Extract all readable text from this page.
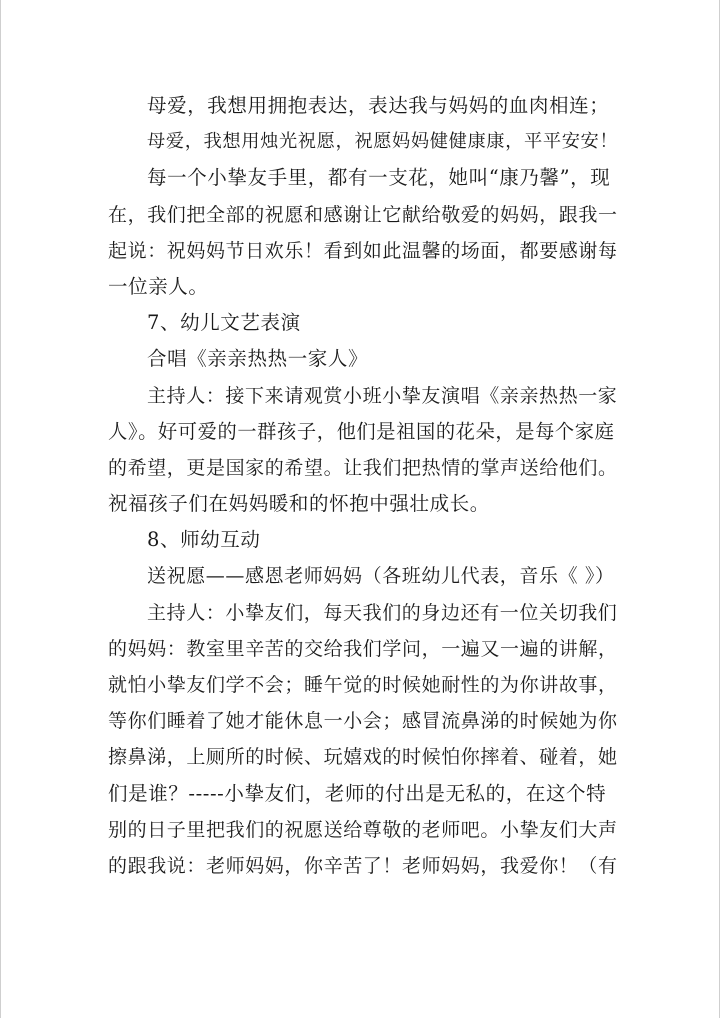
母爱，我想用拥抱表达，表达我与妈妈的血肉相连；
母爱，我想用烛光祝愿，祝愿妈妈健健康康，平平安安！
每一个小挚友手里，都有一支花，她叫“康乃馨”，现
在，我们把全部的祝愿和感谢让它献给敬爱的妈妈，跟我一
起说：祝妈妈节日欢乐！看到如此温馨的场面，都要感谢每
一位亲人。
7、幼儿文艺表演
合唱《亲亲热热一家人》
主持人：接下来请观赏小班小挚友演唱《亲亲热热一家
人》。好可爱的一群孩子，他们是祖国的花朵，是每个家庭
的希望，更是国家的希望。让我们把热情的掌声送给他们。
祝福孩子们在妈妈暖和的怀抱中强壮成长。
8、师幼互动
送祝愿——感恩老师妈妈（各班幼儿代表，音乐《 》）
主持人：小挚友们，每天我们的身边还有一位关切我们
的妈妈：教室里辛苦的交给我们学问，一遍又一遍的讲解，
就怕小挚友们学不会；睡午觉的时候她耐性的为你讲故事，
等你们睡着了她才能休息一小会；感冒流鼻涕的时候她为你
擦鼻涕，上厕所的时候、玩嬉戏的时候怕你摔着、碰着，她
们是谁？-----小挚友们，老师的付出是无私的，在这个特
别的日子里把我们的祝愿送给尊敬的老师吧。小挚友们大声
的跟我说：老师妈妈，你辛苦了！老师妈妈，我爱你！（有
